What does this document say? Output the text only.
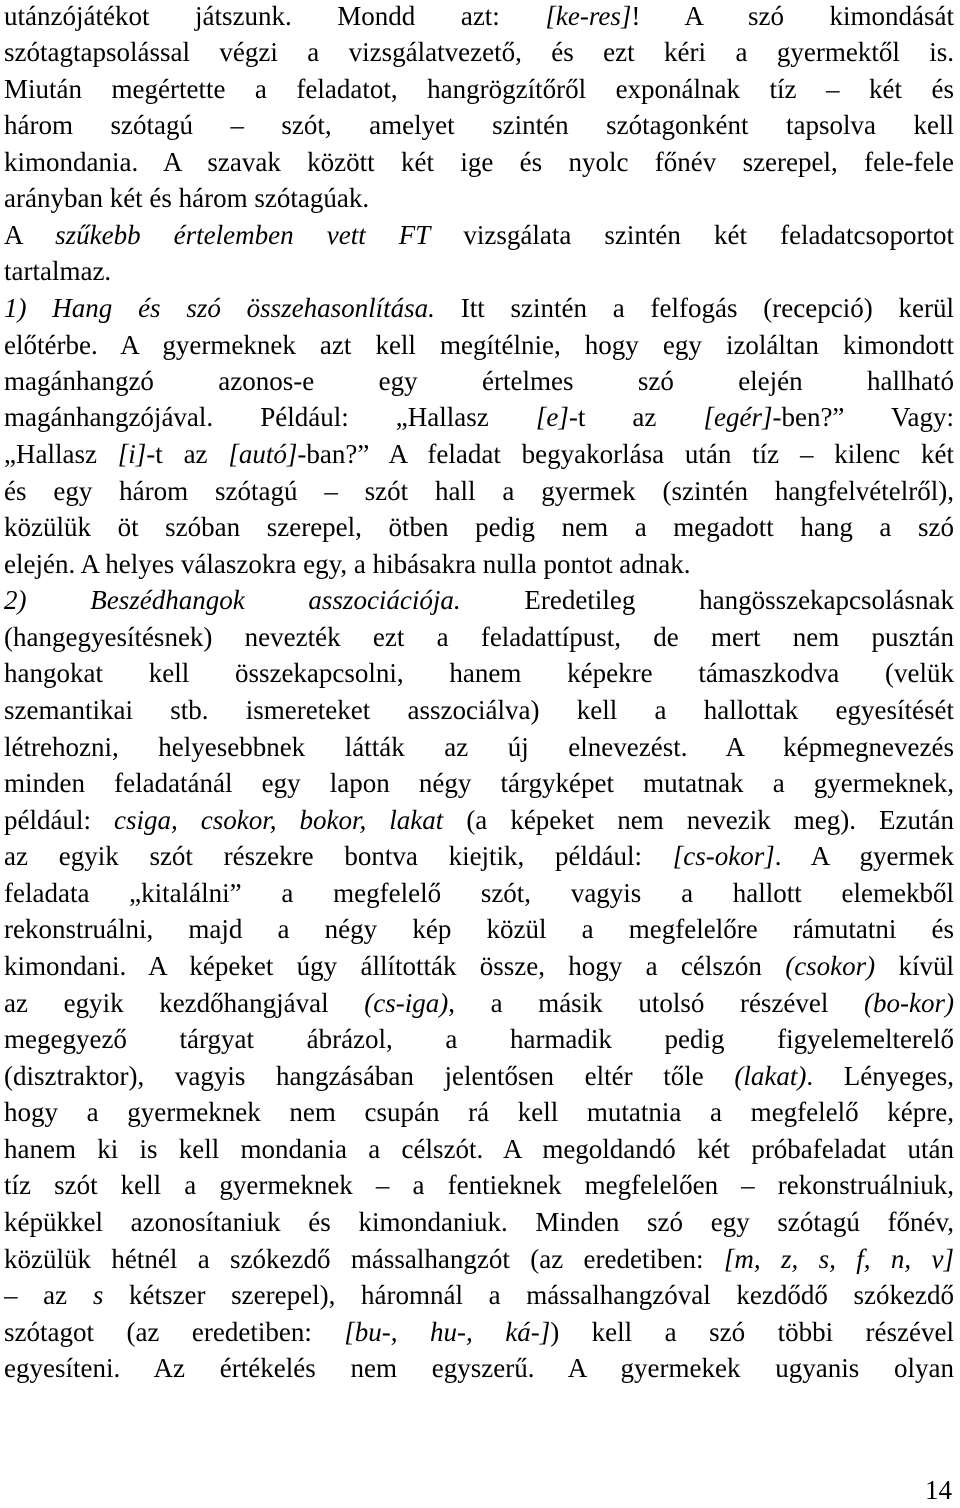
utánzójátékot játszunk. Mondd azt: [ke-res]! A szó kimondását
szótagtapsolással végzi a vizsgálatvezető, és ezt kéri a gyermektől is.
Miután megértette a feladatot, hangrögzítőről exponálnak tíz – két és
három szótagú – szót, amelyet szintén szótagonként tapsolva kell
kimondania. A szavak között két ige és nyolc főnév szerepel, fele-fele
arányban két és három szótagúak.
A szűkebb értelemben vett FT vizsgálata szintén két feladatcsoportot
tartalmaz.
1) Hang és szó összehasonlítása. Itt szintén a felfogás (recepció) kerül
előtérbe. A gyermeknek azt kell megítélnie, hogy egy izoláltan kimondott
magánhangzó azonos-e egy értelmes szó elején hallható
magánhangzójával. Például: „Hallasz [e]-t az [egér]-ben?” Vagy:
„Hallasz [i]-t az [autó]-ban?” A feladat begyakorlása után tíz – kilenc két
és egy három szótagú – szót hall a gyermek (szintén hangfelvételről),
közülük öt szóban szerepel, ötben pedig nem a megadott hang a szó
elején. A helyes válaszokra egy, a hibásakra nulla pontot adnak.
2) Beszédhangok asszociációja. Eredetileg hangösszekapcsolásnak
(hangegyesítésnek) nevezték ezt a feladattípust, de mert nem pusztán
hangokat kell összekapcsolni, hanem képekre támaszkodva (velük
szemantikai stb. ismereteket asszociálva) kell a hallottak egyesítését
létrehozni, helyesebbnek látták az új elnevezést. A képmegnevezés
minden feladatánál egy lapon négy tárgyképet mutatnak a gyermeknek,
például: csiga, csokor, bokor, lakat (a képeket nem nevezik meg). Ezután
az egyik szót részekre bontva kiejtik, például: [cs-okor]. A gyermek
feladata „kitalálni” a megfelelő szót, vagyis a hallott elemekből
rekonstruálni, majd a négy kép közül a megfelelőre rámutatni és
kimondani. A képeket úgy állították össze, hogy a célszón (csokor) kívül
az egyik kezdőhangjával (cs-iga), a másik utolsó részével (bo-kor)
megegyező tárgyat ábrázol, a harmadik pedig figyelemelterelő
(disztraktor), vagyis hangzásában jelentősen eltér tőle (lakat). Lényeges,
hogy a gyermeknek nem csupán rá kell mutatnia a megfelelő képre,
hanem ki is kell mondania a célszót. A megoldandó két próbafeladat után
tíz szót kell a gyermeknek – a fentieknek megfelelően – rekonstruálniuk,
képükkel azonosítaniuk és kimondaniuk. Minden szó egy szótagú főnév,
közülük hétnél a szókezdő mássalhangzót (az eredetiben: [m, z, s, f, n, v]
– az s kétszer szerepel), háromnál a mássalhangzóval kezdődő szókezdő
szótagot (az eredetiben: [bu-, hu-, ká-]) kell a szó többi részével
egyesíteni. Az értékelés nem egyszerű. A gyermekek ugyanis olyan
14
